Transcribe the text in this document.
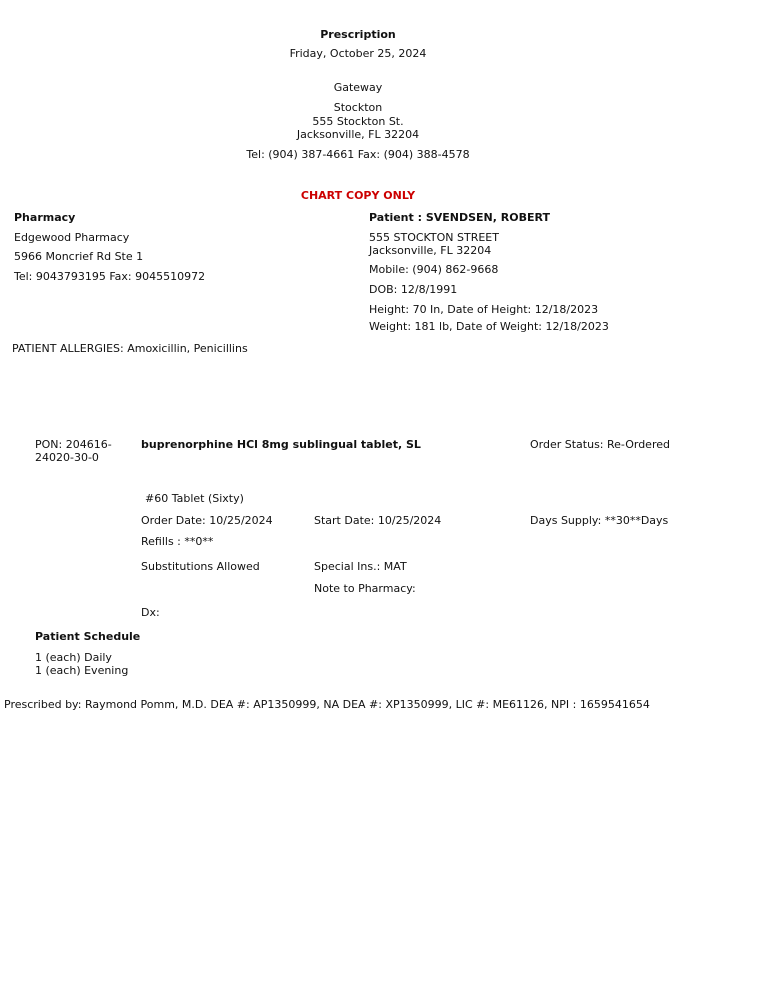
Prescription
Friday, October 25, 2024
Gateway
Stockton
555 Stockton St.
Jacksonville, FL 32204
Tel: (904) 387-4661 Fax: (904) 388-4578
CHART COPY ONLY
Pharmacy
Edgewood Pharmacy
5966 Moncrief Rd Ste 1
Tel: 9043793195 Fax: 9045510972
Patient : SVENDSEN, ROBERT
555 STOCKTON STREET
Jacksonville, FL 32204
Mobile: (904) 862-9668
DOB: 12/8/1991
Height: 70 In, Date of Height: 12/18/2023
Weight: 181 lb, Date of Weight: 12/18/2023
PATIENT ALLERGIES: Amoxicillin, Penicillins
PON: 204616-24020-30-0
buprenorphine HCl 8mg sublingual tablet, SL	Order Status: Re-Ordered
#60 Tablet (Sixty)
Order Date: 10/25/2024	Start Date: 10/25/2024	Days Supply: **30**Days
Refills : **0**
Substitutions Allowed	Special Ins.: MAT
Note to Pharmacy:
Dx:
Patient Schedule
1 (each) Daily
1 (each) Evening
Prescribed by: Raymond Pomm, M.D. DEA #: AP1350999, NA DEA #: XP1350999, LIC #: ME61126, NPI : 1659541654
